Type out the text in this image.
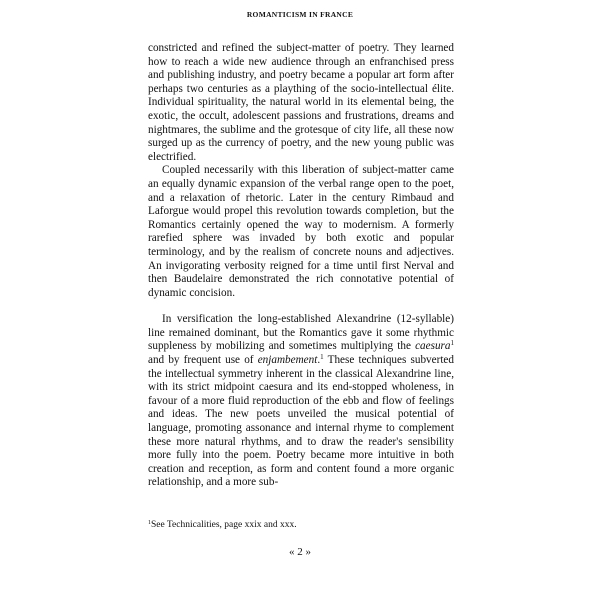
ROMANTICISM IN FRANCE

constricted and refined the subject-matter of poetry. They learned how to reach a wide new audience through an enfranchised press and publishing industry, and poetry became a popular art form after perhaps two centuries as a plaything of the socio-intellectual élite. Individual spirituality, the natural world in its elemental being, the exotic, the occult, adolescent passions and frustrations, dreams and nightmares, the sublime and the grotesque of city life, all these now surged up as the currency of poetry, and the new young public was electrified.

Coupled necessarily with this liberation of subject-matter came an equally dynamic expansion of the verbal range open to the poet, and a relaxation of rhetoric. Later in the century Rimbaud and Laforgue would propel this revolution towards completion, but the Romantics certainly opened the way to modernism. A formerly rarefied sphere was invaded by both exotic and popular terminology, and by the realism of concrete nouns and adjectives. An invigorating verbosity reigned for a time until first Nerval and then Baudelaire demonstrated the rich connotative potential of dynamic concision.

In versification the long-established Alexandrine (12-syllable) line remained dominant, but the Romantics gave it some rhythmic suppleness by mobilizing and sometimes multiplying the caesura$^1$ and by frequent use of enjambement.$^1$ These techniques subverted the intellectual symmetry inherent in the classical Alexandrine line, with its strict midpoint caesura and its end-stopped wholeness, in favour of a more fluid reproduction of the ebb and flow of feelings and ideas. The new poets unveiled the musical potential of language, promoting assonance and internal rhyme to complement these more natural rhythms, and to draw the reader's sensibility more fully into the poem. Poetry became more intuitive in both creation and reception, as form and content found a more organic relationship, and a more sub-

$^1$See Technicalities, page xxix and xxx.
« 2 »
